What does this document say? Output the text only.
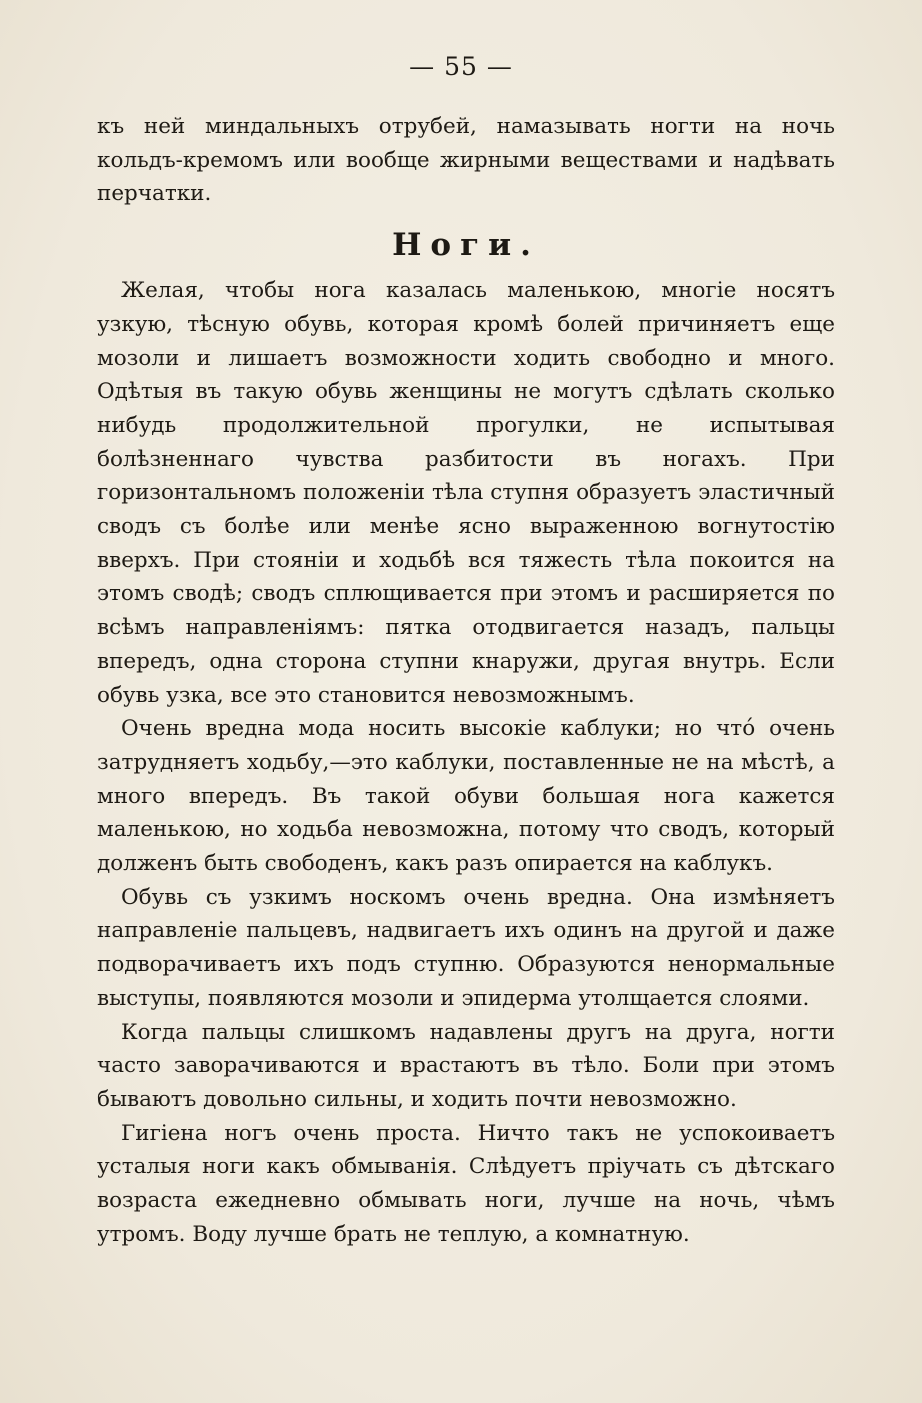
— 55 —

къ ней миндальныхъ отрубей, намазывать ногти на ночь кольдъ-кремомъ или вообще жирными веществами и надѣвать перчатки.

Ноги.

Желая, чтобы нога казалась маленькою, многіе носятъ узкую, тѣсную обувь, которая кромѣ болей причиняетъ еще мозоли и лишаетъ возможности ходить свободно и много. Одѣтыя въ такую обувь женщины не могутъ сдѣлать сколько нибудь продолжительной прогулки, не испытывая болѣзненнаго чувства разбитости въ ногахъ. При горизонтальномъ положеніи тѣла ступня образуетъ эластичный сводъ съ болѣе или менѣе ясно выраженною вогнутостію вверхъ. При стояніи и ходьбѣ вся тяжесть тѣла покоится на этомъ сводѣ; сводъ сплющивается при этомъ и расширяется по всѣмъ направленіямъ: пятка отодвигается назадъ, пальцы впередъ, одна сторона ступни кнаружи, другая внутрь. Если обувь узка, все это становится невозможнымъ.

Очень вредна мода носить высокіе каблуки; но что́ очень затрудняетъ ходьбу,—это каблуки, поставленные не на мѣстѣ, а много впередъ. Въ такой обуви большая нога кажется маленькою, но ходьба невозможна, потому что сводъ, который долженъ быть свободенъ, какъ разъ опирается на каблукъ.

Обувь съ узкимъ носкомъ очень вредна. Она измѣняетъ направленіе пальцевъ, надвигаетъ ихъ одинъ на другой и даже подворачиваетъ ихъ подъ ступню. Образуются ненормальные выступы, появляются мозоли и эпидерма утолщается слоями.

Когда пальцы слишкомъ надавлены другъ на друга, ногти часто заворачиваются и врастаютъ въ тѣло. Боли при этомъ бываютъ довольно сильны, и ходить почти невозможно.

Гигіена ногъ очень проста. Ничто такъ не успокоиваетъ усталыя ноги какъ обмыванія. Слѣдуетъ пріучать съ дѣтскаго возраста ежедневно обмывать ноги, лучше на ночь, чѣмъ утромъ. Воду лучше брать не теплую, а комнатную.
